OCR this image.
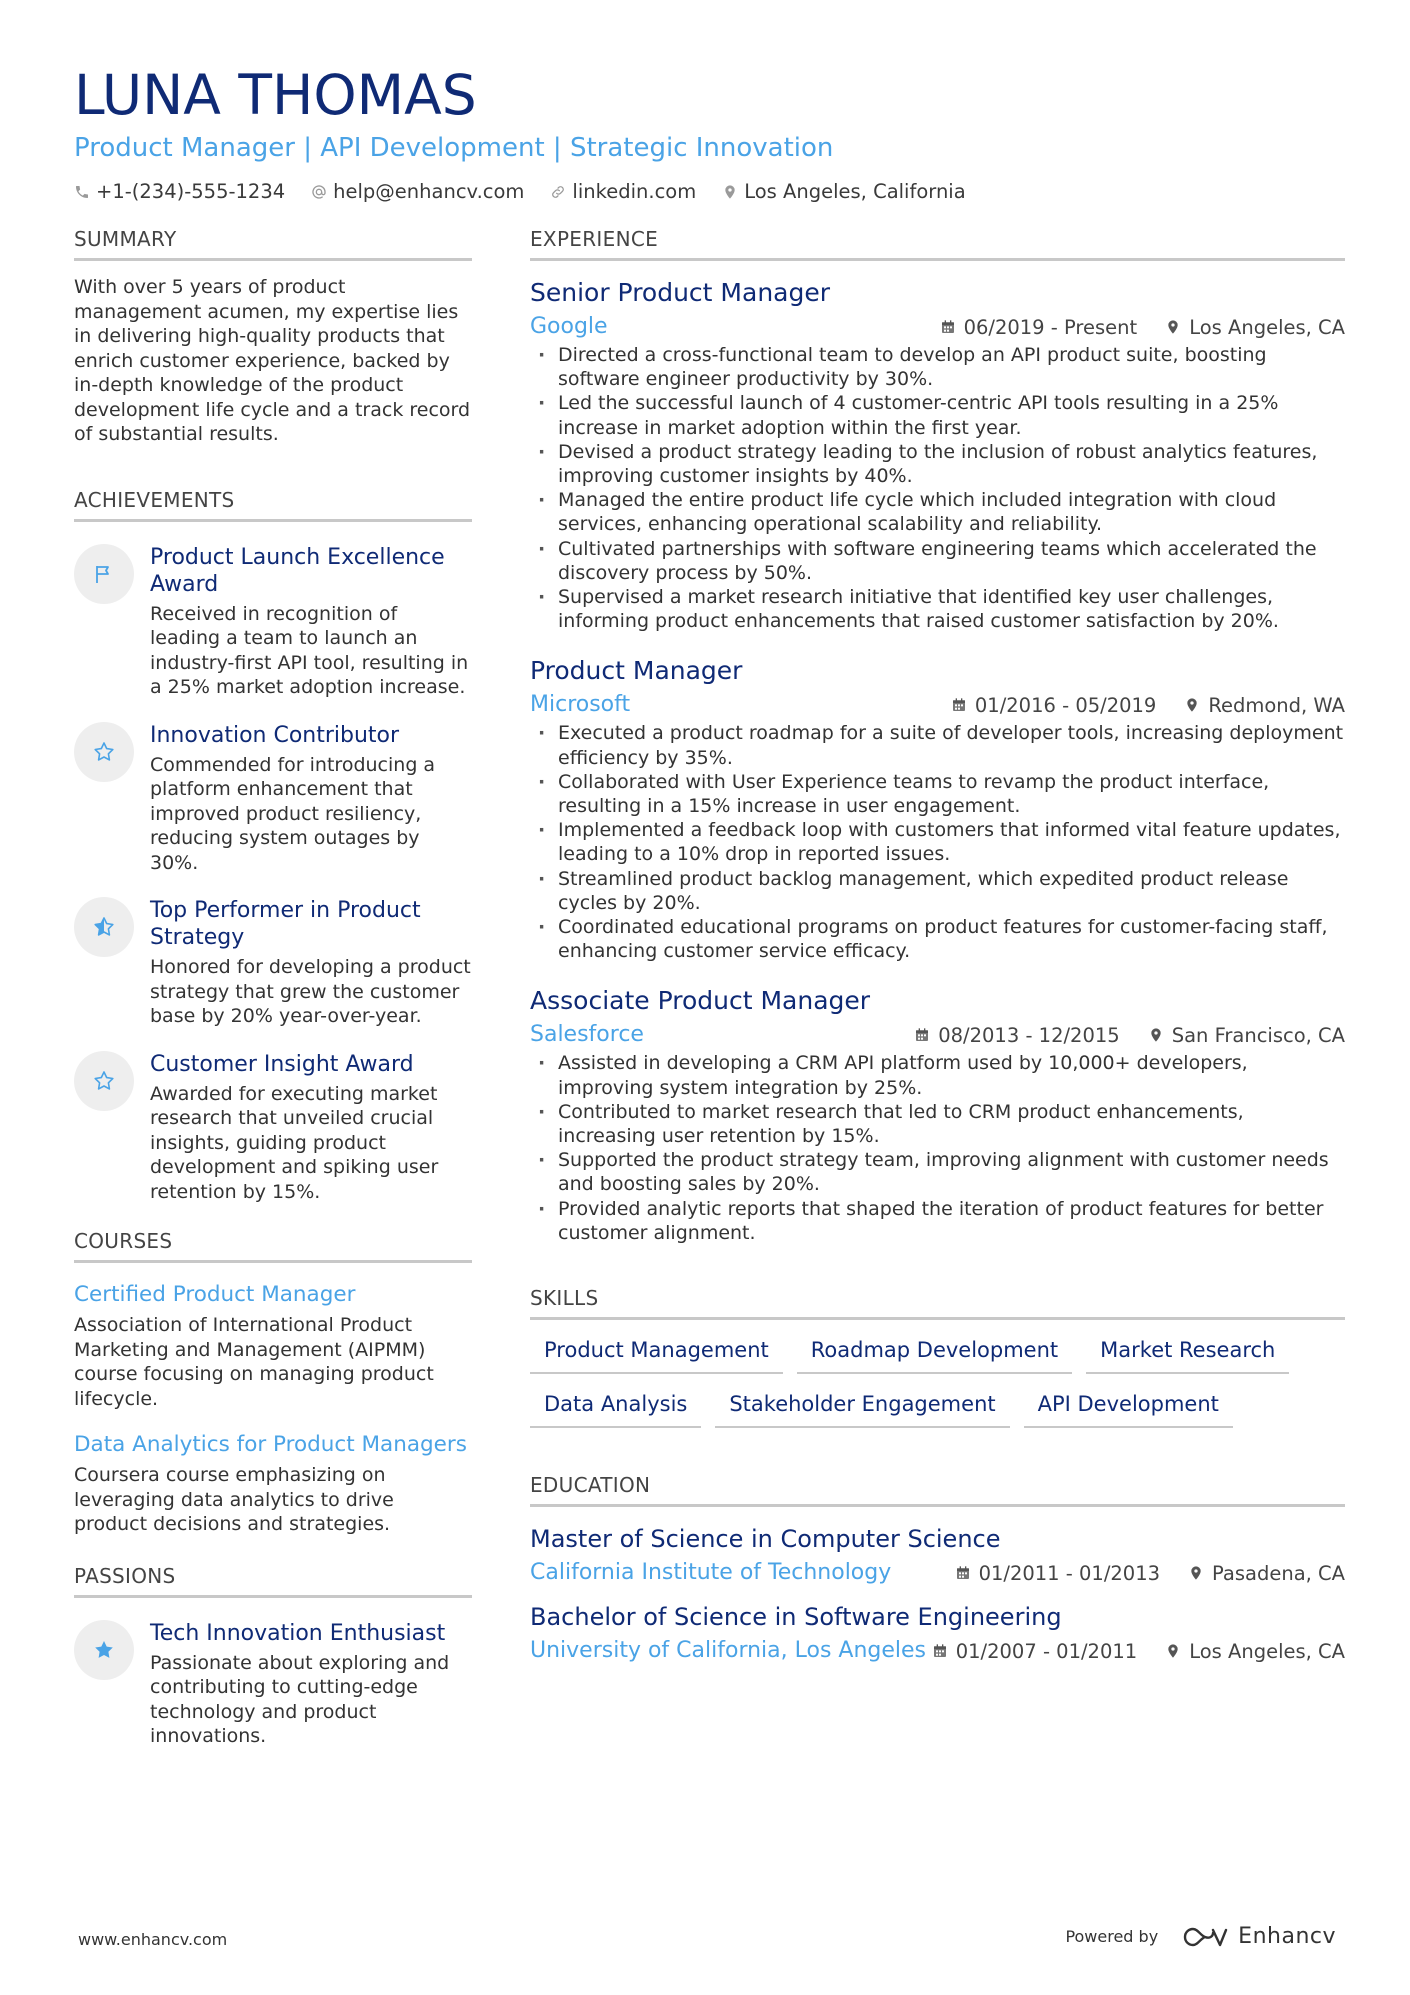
LUNA THOMAS
Product Manager | API Development | Strategic Innovation
+1-(234)-555-1234 help@enhancv.com linkedin.com Los Angeles, California
SUMMARY
With over 5 years of product management acumen, my expertise lies in delivering high-quality products that enrich customer experience, backed by in-depth knowledge of the product development life cycle and a track record of substantial results.
ACHIEVEMENTS
Product Launch Excellence Award
Received in recognition of leading a team to launch an industry-first API tool, resulting in a 25% market adoption increase.
Innovation Contributor
Commended for introducing a platform enhancement that improved product resiliency, reducing system outages by 30%.
Top Performer in Product Strategy
Honored for developing a product strategy that grew the customer base by 20% year-over-year.
Customer Insight Award
Awarded for executing market research that unveiled crucial insights, guiding product development and spiking user retention by 15%.
COURSES
Certified Product Manager
Association of International Product Marketing and Management (AIPMM) course focusing on managing product lifecycle.
Data Analytics for Product Managers
Coursera course emphasizing on leveraging data analytics to drive product decisions and strategies.
PASSIONS
Tech Innovation Enthusiast
Passionate about exploring and contributing to cutting-edge technology and product innovations.
EXPERIENCE
Senior Product Manager
Google	06/2019 - Present	Los Angeles, CA
· Directed a cross-functional team to develop an API product suite, boosting software engineer productivity by 30%.
· Led the successful launch of 4 customer-centric API tools resulting in a 25% increase in market adoption within the first year.
· Devised a product strategy leading to the inclusion of robust analytics features, improving customer insights by 40%.
· Managed the entire product life cycle which included integration with cloud services, enhancing operational scalability and reliability.
· Cultivated partnerships with software engineering teams which accelerated the discovery process by 50%.
· Supervised a market research initiative that identified key user challenges, informing product enhancements that raised customer satisfaction by 20%.
Product Manager
Microsoft	01/2016 - 05/2019	Redmond, WA
· Executed a product roadmap for a suite of developer tools, increasing deployment efficiency by 35%.
· Collaborated with User Experience teams to revamp the product interface, resulting in a 15% increase in user engagement.
· Implemented a feedback loop with customers that informed vital feature updates, leading to a 10% drop in reported issues.
· Streamlined product backlog management, which expedited product release cycles by 20%.
· Coordinated educational programs on product features for customer-facing staff, enhancing customer service efficacy.
Associate Product Manager
Salesforce	08/2013 - 12/2015	San Francisco, CA
· Assisted in developing a CRM API platform used by 10,000+ developers, improving system integration by 25%.
· Contributed to market research that led to CRM product enhancements, increasing user retention by 15%.
· Supported the product strategy team, improving alignment with customer needs and boosting sales by 20%.
· Provided analytic reports that shaped the iteration of product features for better customer alignment.
SKILLS
Product Management	Roadmap Development	Market Research
Data Analysis	Stakeholder Engagement	API Development
EDUCATION
Master of Science in Computer Science
California Institute of Technology	01/2011 - 01/2013	Pasadena, CA
Bachelor of Science in Software Engineering
University of California, Los Angeles 01/2007 - 01/2011	Los Angeles, CA
www.enhancv.com	Powered by	Enhancv
